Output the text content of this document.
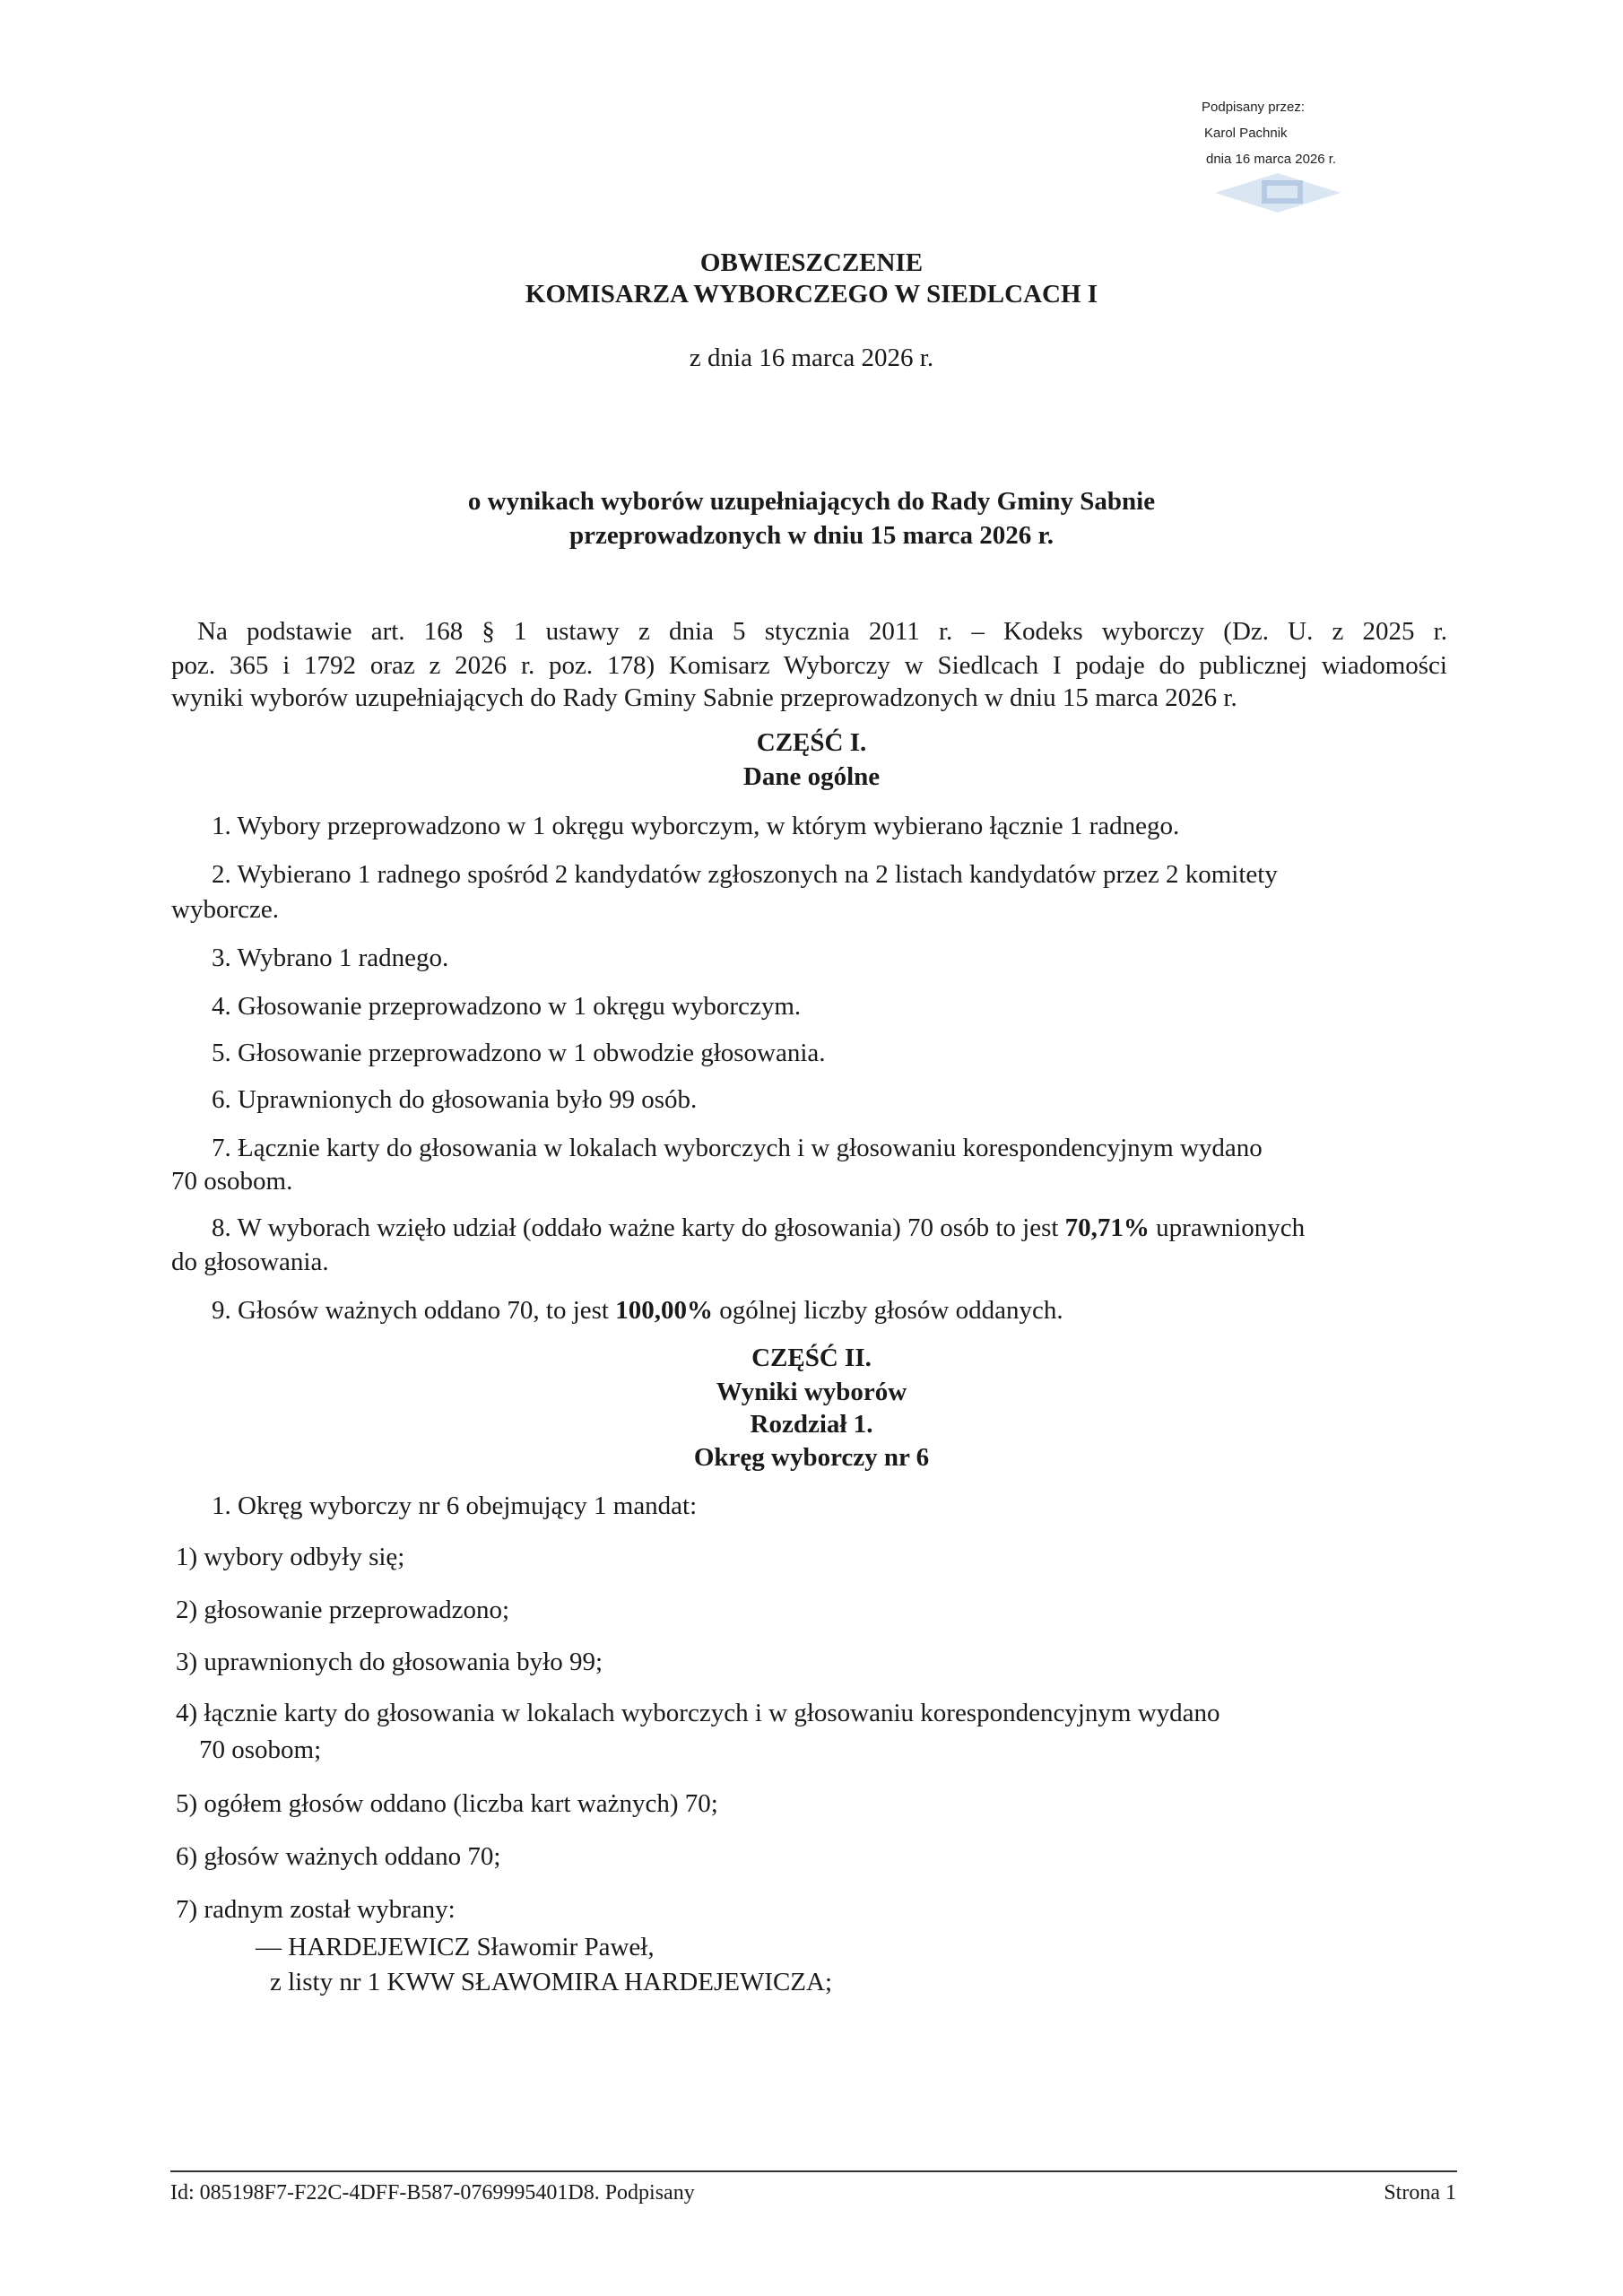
Podpisany przez:
Karol Pachnik
dnia 16 marca 2026 r.
OBWIESZCZENIE
KOMISARZA WYBORCZEGO W SIEDLCACH I
z dnia 16 marca 2026 r.
o wynikach wyborów uzupełniających do Rady Gminy Sabnie
przeprowadzonych w dniu 15 marca 2026 r.
Na podstawie art. 168 § 1 ustawy z dnia 5 stycznia 2011 r. – Kodeks wyborczy (Dz. U. z 2025 r.
poz. 365 i 1792 oraz z 2026 r. poz. 178) Komisarz Wyborczy w Siedlcach I podaje do publicznej wiadomości
wyniki wyborów uzupełniających do Rady Gminy Sabnie przeprowadzonych w dniu 15 marca 2026 r.
CZĘŚĆ I.
Dane ogólne
1. Wybory przeprowadzono w 1 okręgu wyborczym, w którym wybierano łącznie 1 radnego.
2. Wybierano 1 radnego spośród 2 kandydatów zgłoszonych na 2 listach kandydatów przez 2 komitety
wyborcze.
3. Wybrano 1 radnego.
4. Głosowanie przeprowadzono w 1 okręgu wyborczym.
5. Głosowanie przeprowadzono w 1 obwodzie głosowania.
6. Uprawnionych do głosowania było 99 osób.
7. Łącznie karty do głosowania w lokalach wyborczych i w głosowaniu korespondencyjnym wydano
70 osobom.
8. W wyborach wzięło udział (oddało ważne karty do głosowania) 70 osób to jest 70,71% uprawnionych
do głosowania.
9. Głosów ważnych oddano 70, to jest 100,00% ogólnej liczby głosów oddanych.
CZĘŚĆ II.
Wyniki wyborów
Rozdział 1.
Okręg wyborczy nr 6
1. Okręg wyborczy nr 6 obejmujący 1 mandat:
1) wybory odbyły się;
2) głosowanie przeprowadzono;
3) uprawnionych do głosowania było 99;
4) łącznie karty do głosowania w lokalach wyborczych i w głosowaniu korespondencyjnym wydano
70 osobom;
5) ogółem głosów oddano (liczba kart ważnych) 70;
6) głosów ważnych oddano 70;
7) radnym został wybrany:
— HARDEJEWICZ Sławomir Paweł,
z listy nr 1 KWW SŁAWOMIRA HARDEJEWICZA;
Id: 085198F7-F22C-4DFF-B587-0769995401D8. Podpisany	Strona 1
